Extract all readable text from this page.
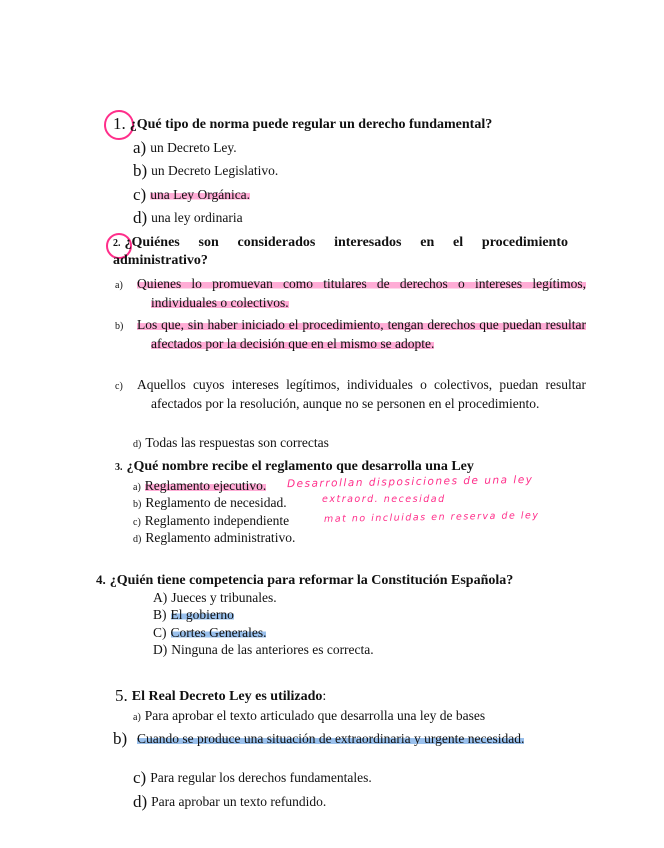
1. ¿Qué tipo de norma puede regular un derecho fundamental?
a) un Decreto Ley.
b) un Decreto Legislativo.
c) una Ley Orgánica.
d) una ley ordinaria
2. ¿Quiénes son considerados interesados en el procedimiento administrativo?
a) Quienes lo promuevan como titulares de derechos o intereses legítimos, individuales o colectivos.
b) Los que, sin haber iniciado el procedimiento, tengan derechos que puedan resultar afectados por la decisión que en el mismo se adopte.
c) Aquellos cuyos intereses legítimos, individuales o colectivos, puedan resultar afectados por la resolución, aunque no se personen en el procedimiento.
d) Todas las respuestas son correctas
3. ¿Qué nombre recibe el reglamento que desarrolla una Ley
a) Reglamento ejecutivo. Desarrollan disposiciones de una ley
b) Reglamento de necesidad.	extraord. necesidad
c) Reglamento independiente	mat no incluidas en reserva de ley
d) Reglamento administrativo.
4. ¿Quién tiene competencia para reformar la Constitución Española?
A) Jueces y tribunales.
B) El gobierno
C) Cortes Generales.
D) Ninguna de las anteriores es correcta.
5. El Real Decreto Ley es utilizado:
a) Para aprobar el texto articulado que desarrolla una ley de bases
b) Cuando se produce una situación de extraordinaria y urgente necesidad.
c) Para regular los derechos fundamentales.
d) Para aprobar un texto refundido.
